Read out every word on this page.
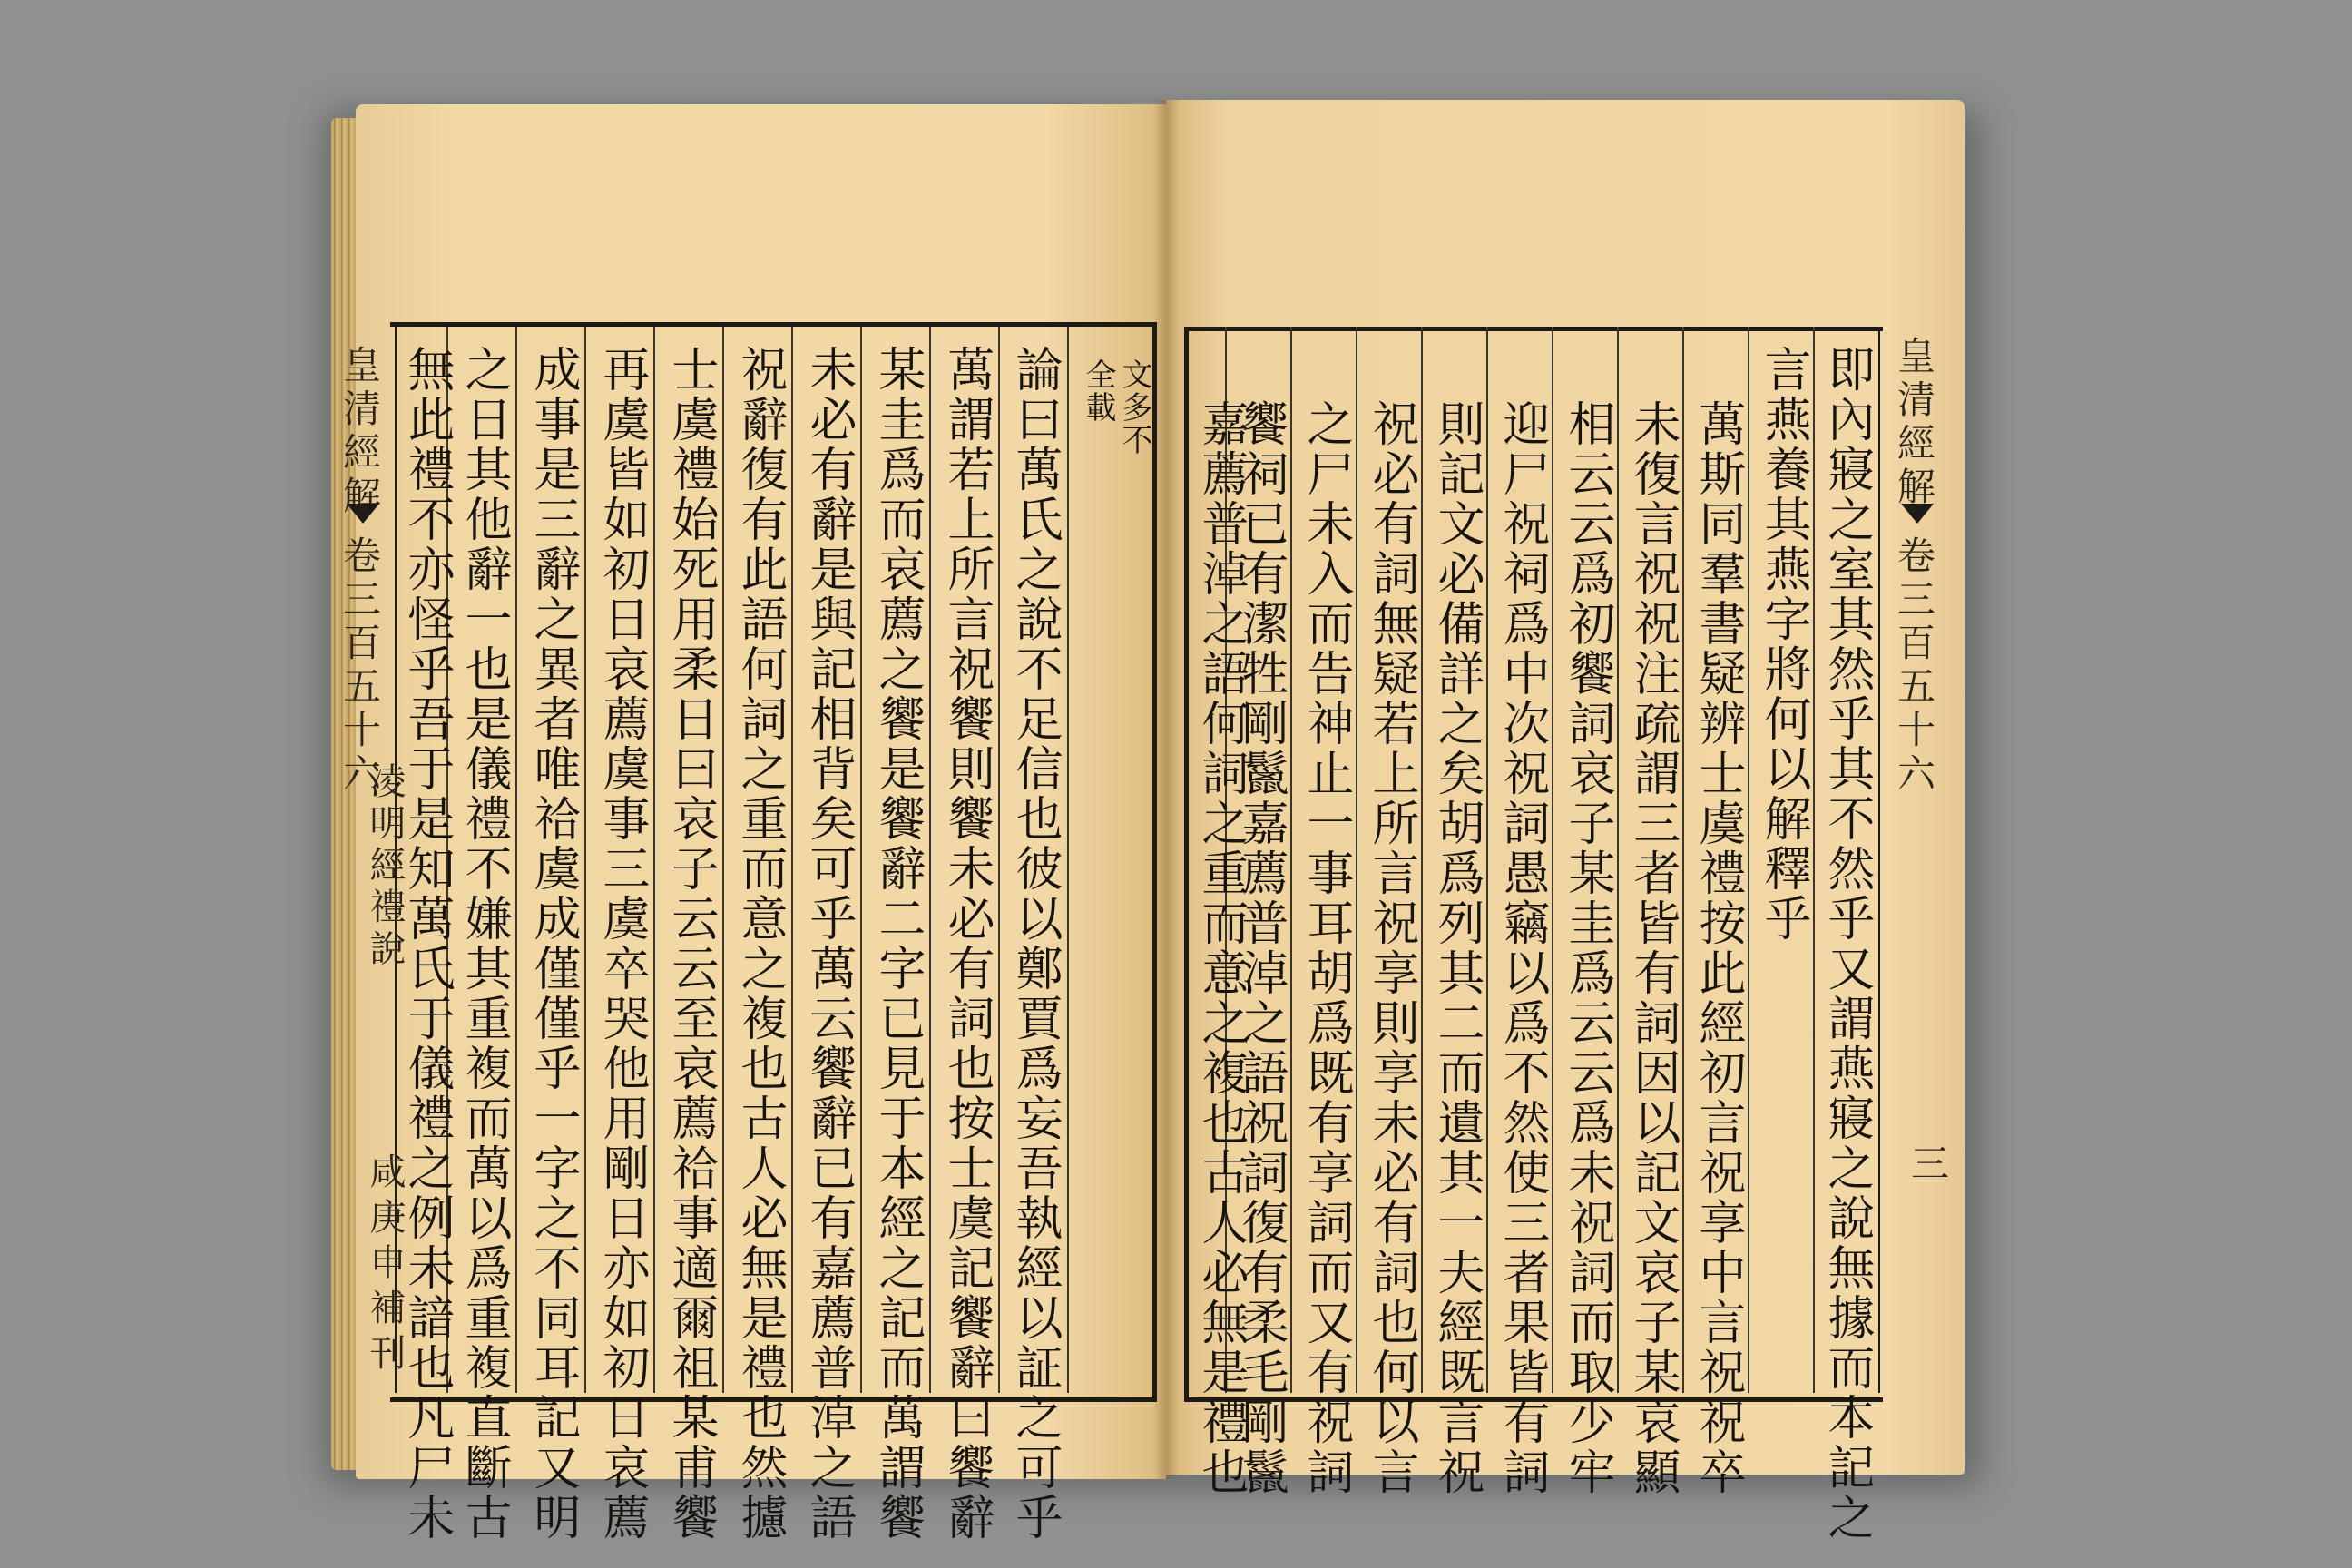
皇清經解
卷三百五十六
凌明經禮說
咸庚申補刊
文多不全載
論曰萬氏之說不足信也彼以鄭賈爲妄吾執經以証之可乎
萬謂若上所言祝饗則饗未必有詞也按士虞記饗辭曰饗辭
某圭爲而哀薦之饗是饗辭二字已見于本經之記而萬謂饗
未必有辭是與記相背矣可乎萬云饗辭已有嘉薦普淖之語
祝辭復有此語何詞之重而意之複也古人必無是禮也然攄
士虞禮始死用柔日曰哀子云云至哀薦祫事適爾祖某甫饗
再虞皆如初日哀薦虞事三虞卒哭他用剛日亦如初日哀薦
成事是三辭之異者唯祫虞成僅僅乎一字之不同耳記又明
之日其他辭一也是儀禮不嫌其重複而萬以爲重複直斷古
無此禮不亦怪乎吾于是知萬氏于儀禮之例未諳也凡尸未	皇清經解
卷三百五十六
三
即內寢之室其然乎其不然乎又謂燕寢之說無據而本記之
言燕養其燕字將何以解釋乎
萬斯同羣書疑辨士虞禮按此經初言祝享中言祝祝卒
未復言祝祝注疏謂三者皆有詞因以記文哀子某哀顯
相云云爲初饗詞哀子某圭爲云云爲未祝詞而取少牢
迎尸祝祠爲中次祝詞愚竊以爲不然使三者果皆有詞
則記文必備詳之矣胡爲列其二而遺其一夫經既言祝
祝必有詞無疑若上所言祝享則享未必有詞也何以言
之尸未入而告神止一事耳胡爲既有享詞而又有祝詞
饗祠已有潔牲剛鬣嘉薦普淖之語祝詞復有柔毛剛鬣
嘉薦普淖之語何詞之重而意之複也古人必無是禮也
